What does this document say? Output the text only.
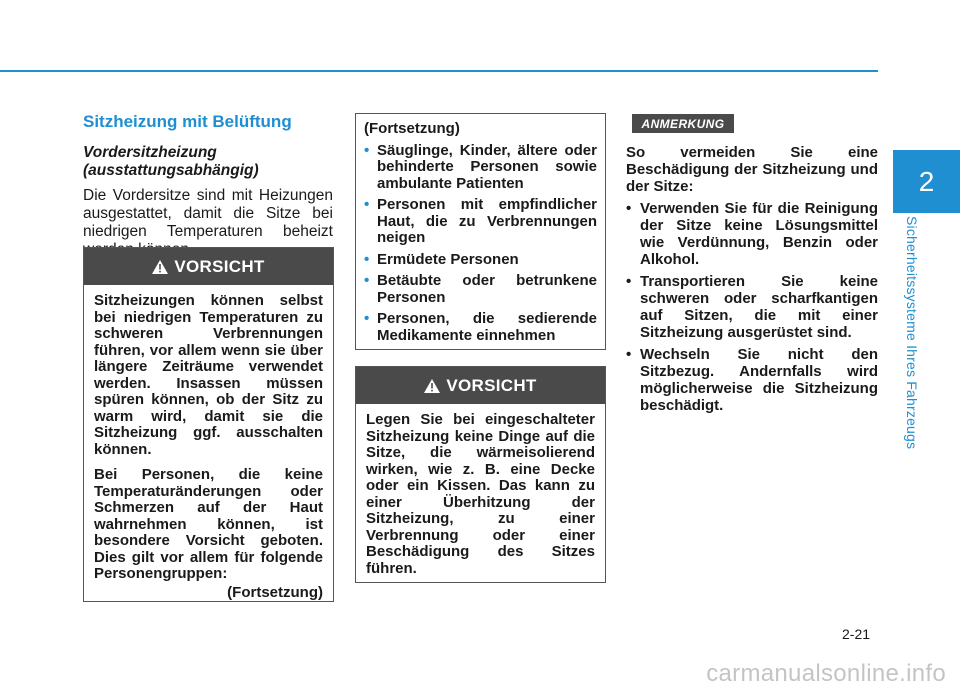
2
Sicherheitssysteme Ihres Fahrzeugs
Sitzheizung mit Belüftung
Vordersitzheizung
(ausstattungsabhängig)

Die Vordersitze sind mit Heizungen ausgestattet, damit die Sitze bei niedrigen Temperaturen beheizt

VORSICHT

Sitzheizungen können selbst bei niedrigen Temperaturen zu schweren Verbrennungen führen, vor allem wenn sie über längere Zeiträume verwendet werden. Insassen müssen spüren können, ob der Sitz zu warm wird, damit sie die Sitzheizung ggf. ausschalten können.

Bei Personen, die keine Temperaturänderungen oder Schmerzen auf der Haut wahrnehmen können, ist besondere Vorsicht geboten. Dies gilt vor allem für folgende Personengruppen:

(Fortsetzung)

(Fortsetzung)
• Säuglinge, Kinder, ältere oder behinderte Personen sowie ambulante Patienten
• Personen mit empfindlicher Haut, die zu Verbrennungen neigen
• Ermüdete Personen
• Betäubte oder betrunkene Personen
• Personen, die sedierende Medikamente einnehmen
VORSICHT

Legen Sie bei eingeschalteter Sitzheizung keine Dinge auf die Sitze, die wärmeisolierend wirken, wie z. B. eine Decke oder ein Kissen. Das kann zu einer Überhitzung der Sitzheizung, zu einer Verbrennung oder einer Beschädigung des Sitzes führen.

ANMERKUNG

So vermeiden Sie eine Beschädigung der Sitzheizung und der Sitze:

• Verwenden Sie für die Reinigung der Sitze keine Lösungsmittel wie Verdünnung, Benzin oder Alkohol.
• Transportieren Sie keine schweren oder scharfkantigen auf Sitzen, die mit einer Sitzheizung ausgerüstet sind.
• Wechseln Sie nicht den Sitzbezug. Andernfalls wird möglicherweise die Sitzheizung beschädigt.
2-21
carmanualsonline.info
